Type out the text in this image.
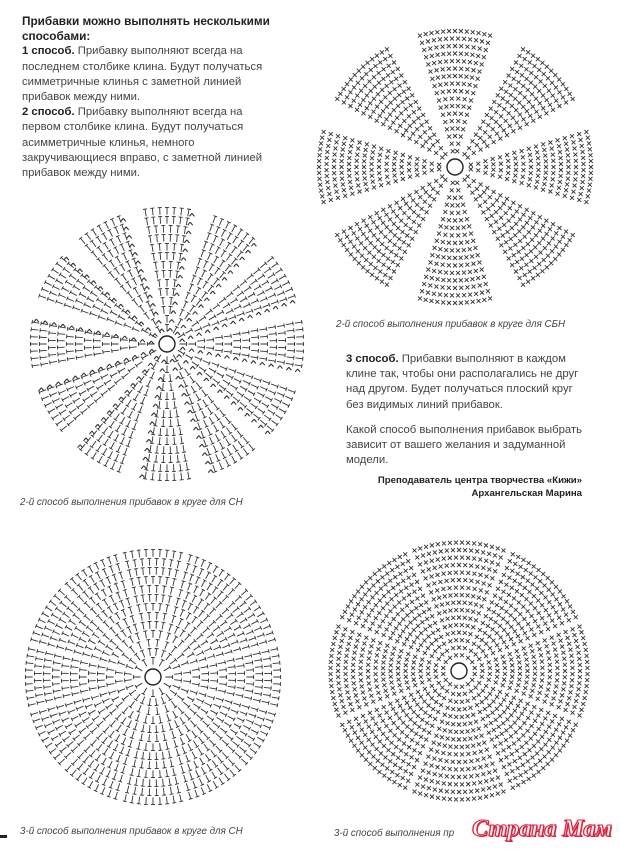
Прибавки можно выполнять несколькими способами:

1 способ. Прибавку выполняют всегда на последнем столбике клина. Будут получаться симметричные клинья с заметной линией прибавок между ними.

2 способ. Прибавку выполняют всегда на первом столбике клина. Будут получаться асимметричные клинья, немного закручивающиеся вправо, с заметной линией прибавок между ними.

2-й способ выполнения прибавок в круге для СБН
2-й способ выполнения прибавок в круге для СН

3 способ. Прибавки выполняют в каждом клине так, чтобы они располагались не друг над другом. Будет получаться плоский круг без видимых линий прибавок.

Какой способ выполнения прибавок выбрать зависит от вашего желания и задуманной модели.

Преподаватель центра творчества «Кижи»
Архангельская Марина
3-й способ выполнения прибавок в круге для СН	3-й способ выполнения пр Страна Мам
